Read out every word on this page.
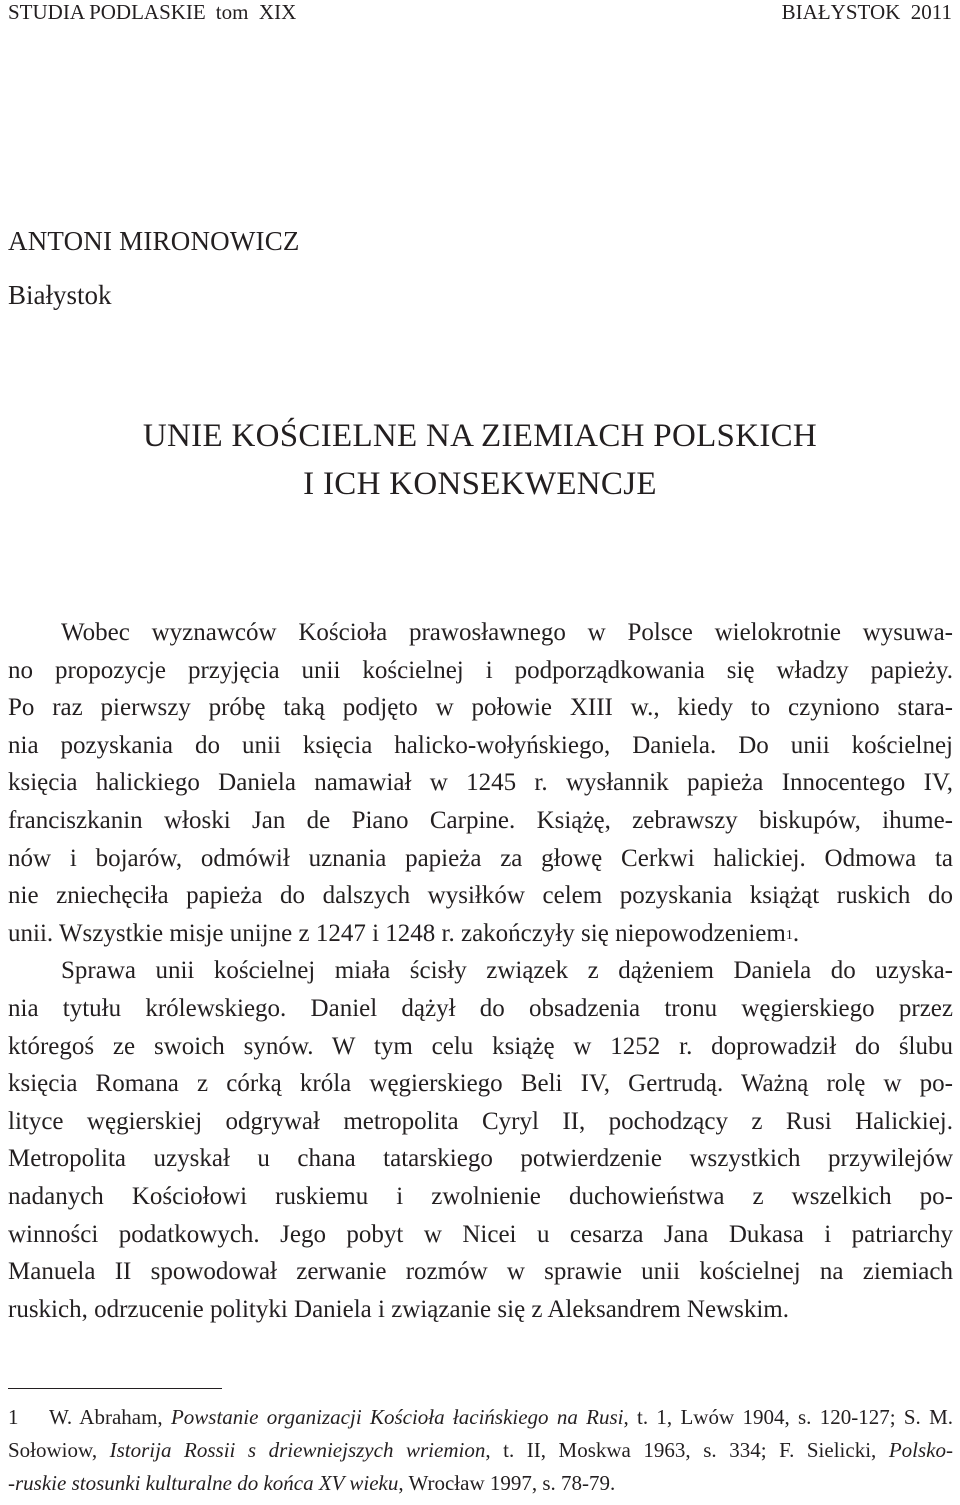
STUDIA PODLASKIE tom  XIX	BIAŁYSTOK  2011
ANTONI MIRONOWICZ
Białystok
UNIE KOŚCIELNE NA ZIEMIACH POLSKICH
I ICH KONSEKWENCJE
Wobec wyznawców Kościoła prawosławnego w Polsce wielokrotnie wysuwa-
no propozycje przyjęcia unii kościelnej i podporządkowania się władzy papieży.
Po raz pierwszy próbę taką podjęto w połowie XIII w., kiedy to czyniono stara-
nia pozyskania do unii księcia halicko-wołyńskiego, Daniela. Do unii kościelnej
księcia halickiego Daniela namawiał w 1245 r. wysłannik papieża Innocentego IV,
franciszkanin włoski Jan de Piano Carpine. Książę, zebrawszy biskupów, ihume-
nów i bojarów, odmówił uznania papieża za głowę Cerkwi halickiej. Odmowa ta
nie zniechęciła papieża do dalszych wysiłków celem pozyskania książąt ruskich do
unii. Wszystkie misje unijne z 1247 i 1248 r. zakończyły się niepowodzeniem$^1$.
Sprawa unii kościelnej miała ścisły związek z dążeniem Daniela do uzyska-
nia tytułu królewskiego. Daniel dążył do obsadzenia tronu węgierskiego przez
któregoś ze swoich synów. W tym celu książę w 1252 r. doprowadził do ślubu
księcia Romana z córką króla węgierskiego Beli IV, Gertrudą. Ważną rolę w po-
lityce węgierskiej odgrywał metropolita Cyryl II, pochodzący z Rusi Halickiej.
Metropolita uzyskał u chana tatarskiego potwierdzenie wszystkich przywilejów
nadanych Kościołowi ruskiemu i zwolnienie duchowieństwa z wszelkich po-
winności podatkowych. Jego pobyt w Nicei u cesarza Jana Dukasa i patriarchy
Manuela II spowodował zerwanie rozmów w sprawie unii kościelnej na ziemiach
ruskich, odrzucenie polityki Daniela i związanie się z Aleksandrem Newskim.
1 W. Abraham, Powstanie organizacji Kościoła łacińskiego na Rusi, t. 1, Lwów 1904, s. 120-127; S. M.
Sołowiow, Istorija Rossii s driewniejszych wriemion, t. II, Moskwa 1963, s. 334; F. Sielicki, Polsko-
-ruskie stosunki kulturalne do końca XV wieku, Wrocław 1997, s. 78-79.
